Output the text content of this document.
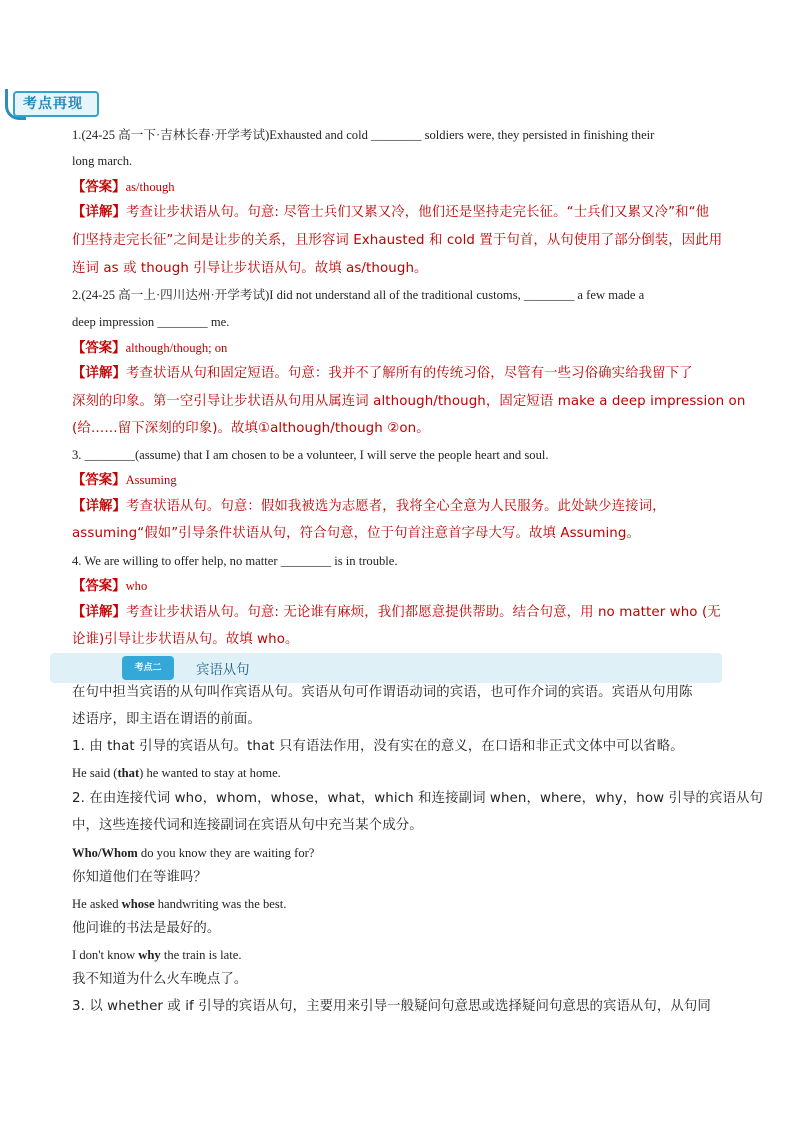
考点再现
1.(24-25 高一下·吉林长春·开学考试)Exhausted and cold ________ soldiers were, they persisted in finishing their
long march.
【答案】as/though
【详解】考查让步状语从句。句意: 尽管士兵们又累又冷，他们还是坚持走完长征。“士兵们又累又冷”和“他
们坚持走完长征”之间是让步的关系，且形容词 Exhausted 和 cold 置于句首，从句使用了部分倒装，因此用
连词 as 或 though 引导让步状语从句。故填 as/though。
2.(24-25 高一上·四川达州·开学考试)I did not understand all of the traditional customs, ________ a few made a
deep impression ________ me.
【答案】although/though; on
【详解】考查状语从句和固定短语。句意：我并不了解所有的传统习俗，尽管有一些习俗确实给我留下了
深刻的印象。第一空引导让步状语从句用从属连词 although/though，固定短语 make a deep impression on
(给……留下深刻的印象)。故填①although/though ②on。
3. ________(assume) that I am chosen to be a volunteer, I will serve the people heart and soul.
【答案】Assuming
【详解】考查状语从句。句意：假如我被选为志愿者，我将全心全意为人民服务。此处缺少连接词，
assuming“假如”引导条件状语从句，符合句意，位于句首注意首字母大写。故填 Assuming。
4. We are willing to offer help, no matter ________ is in trouble.
【答案】who
【详解】考查让步状语从句。句意: 无论谁有麻烦，我们都愿意提供帮助。结合句意，用 no matter who (无
论谁)引导让步状语从句。故填 who。
在句中担当宾语的从句叫作宾语从句。宾语从句可作谓语动词的宾语，也可作介词的宾语。宾语从句用陈
述语序，即主语在谓语的前面。
1. 由 that 引导的宾语从句。that 只有语法作用，没有实在的意义，在口语和非正式文体中可以省略。
He said (that) he wanted to stay at home.
2. 在由连接代词 who，whom，whose，what，which 和连接副词 when，where，why，how 引导的宾语从句
中，这些连接代词和连接副词在宾语从句中充当某个成分。
Who/Whom do you know they are waiting for?
你知道他们在等谁吗？
He asked whose handwriting was the best.
他问谁的书法是最好的。
I don't know why the train is late.
我不知道为什么火车晚点了。
3. 以 whether 或 if 引导的宾语从句，主要用来引导一般疑问句意思或选择疑问句意思的宾语从句，从句同
考点二	宾语从句
